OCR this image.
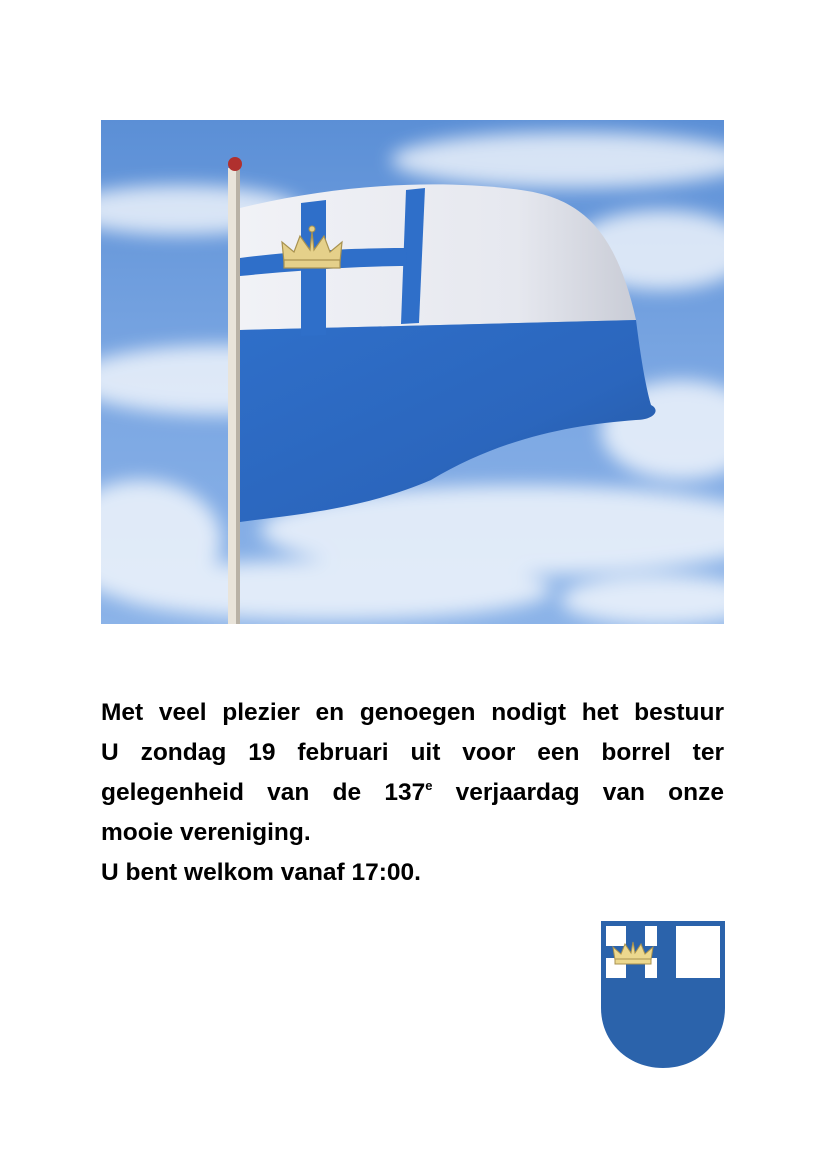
Met veel plezier en genoegen nodigt het bestuur

U zondag 19 februari uit voor een borrel ter

gelegenheid van de 137e verjaardag van onze

mooie vereniging.

U bent welkom vanaf 17:00.
